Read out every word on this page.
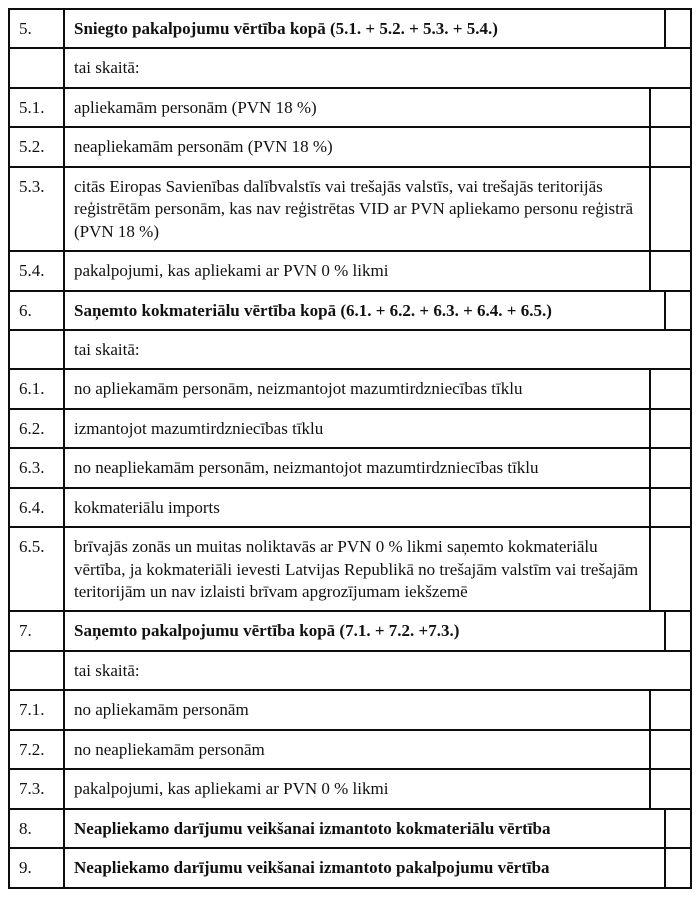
5.	Sniegto pakalpojumu vērtība kopā (5.1. + 5.2. + 5.3. + 5.4.)		
	tai skaitā:		
5.1.	apliekamām personām (PVN 18 %)		
5.2.	neapliekamām personām (PVN 18 %)		
5.3.	citās Eiropas Savienības dalībvalstīs vai trešajās valstīs, vai trešajās teritorijās reģistrētām personām, kas nav reģistrētas VID ar PVN apliekamo personu reģistrā (PVN 18 %)		
5.4.	pakalpojumi, kas apliekami ar PVN 0 % likmi		
6.	Saņemto kokmateriālu vērtība kopā (6.1. + 6.2. + 6.3. + 6.4. + 6.5.)		
	tai skaitā:		
6.1.	no apliekamām personām, neizmantojot mazumtirdzniecības tīklu		
6.2.	izmantojot mazumtirdzniecības tīklu		
6.3.	no neapliekamām personām, neizmantojot mazumtirdzniecības tīklu		
6.4.	kokmateriālu imports		
6.5.	brīvajās zonās un muitas noliktavās ar PVN 0 % likmi saņemto kokmateriālu vērtība, ja kokmateriāli ievesti Latvijas Republikā no trešajām valstīm vai trešajām teritorijām un nav izlaisti brīvam apgrozījumam iekšzemē		
7.	Saņemto pakalpojumu vērtība kopā (7.1. + 7.2. +7.3.)		
	tai skaitā:		
7.1.	no apliekamām personām		
7.2.	no neapliekamām personām		
7.3.	pakalpojumi, kas apliekami ar PVN 0 % likmi		
8.	Neapliekamo darījumu veikšanai izmantoto kokmateriālu vērtība		
9.	Neapliekamo darījumu veikšanai izmantoto pakalpojumu vērtība		
